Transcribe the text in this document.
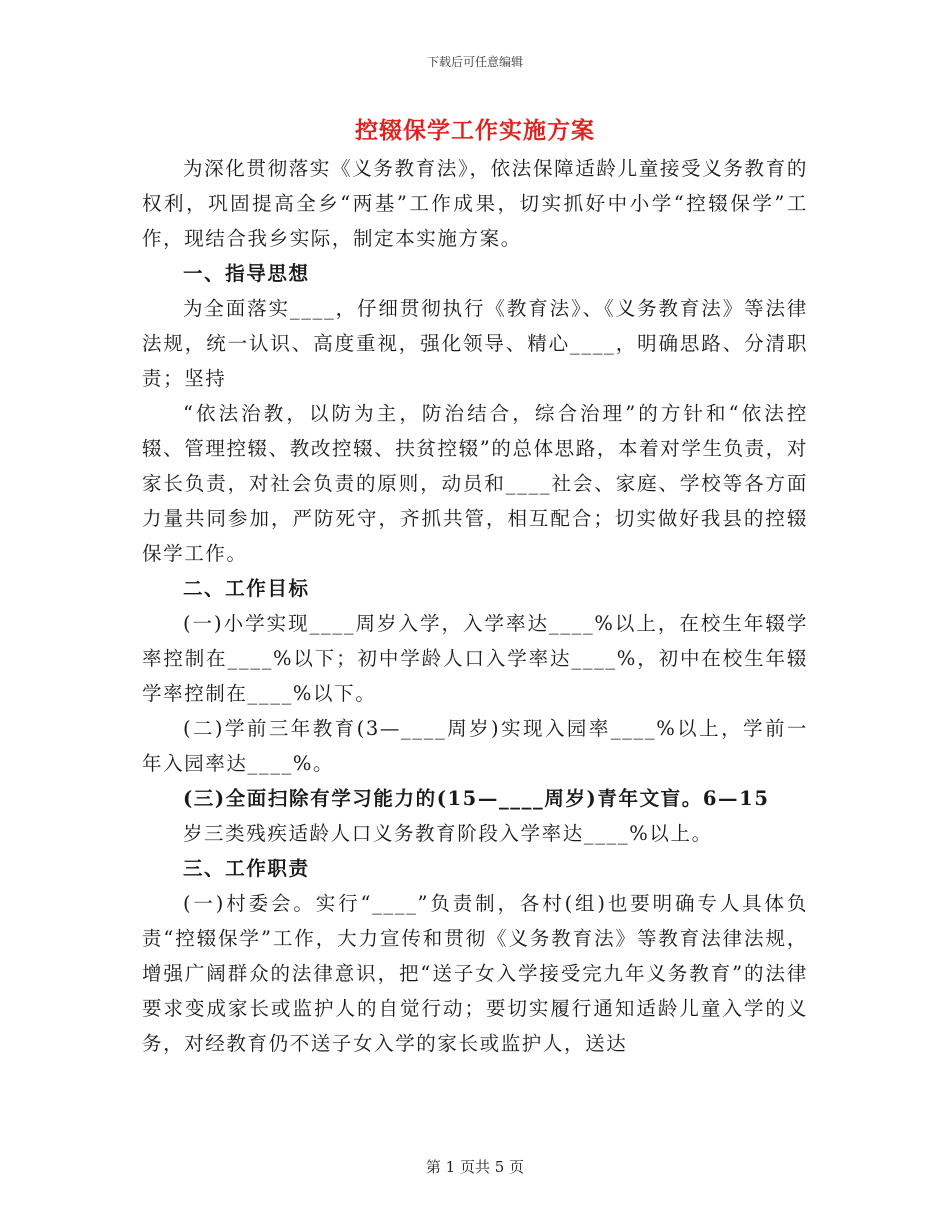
下载后可任意编辑
控辍保学工作实施方案

为深化贯彻落实《义务教育法》，依法保障适龄儿童接受义务教育的权利，巩固提高全乡“两基”工作成果，切实抓好中小学“控辍保学”工作，现结合我乡实际，制定本实施方案。

一、指导思想

为全面落实____，仔细贯彻执行《教育法》、《义务教育法》等法律法规，统一认识、高度重视，强化领导、精心____，明确思路、分清职责；坚持

“依法治教，以防为主，防治结合，综合治理”的方针和“依法控辍、管理控辍、教改控辍、扶贫控辍”的总体思路，本着对学生负责，对家长负责，对社会负责的原则，动员和____社会、家庭、学校等各方面力量共同参加，严防死守，齐抓共管，相互配合；切实做好我县的控辍保学工作。

二、工作目标

(一)小学实现____周岁入学，入学率达____%以上，在校生年辍学率控制在____%以下；初中学龄人口入学率达____%，初中在校生年辍学率控制在____%以下。

(二)学前三年教育(3—____周岁)实现入园率____%以上，学前一年入园率达____%。

(三)全面扫除有学习能力的(15—____周岁)青年文盲。6—15

岁三类残疾适龄人口义务教育阶段入学率达____%以上。

三、工作职责

(一)村委会。实行“____”负责制，各村(组)也要明确专人具体负责“控辍保学”工作，大力宣传和贯彻《义务教育法》等教育法律法规，增强广阔群众的法律意识，把“送子女入学接受完九年义务教育”的法律要求变成家长或监护人的自觉行动；要切实履行通知适龄儿童入学的义务，对经教育仍不送子女入学的家长或监护人，送达

第 1 页共 5 页
